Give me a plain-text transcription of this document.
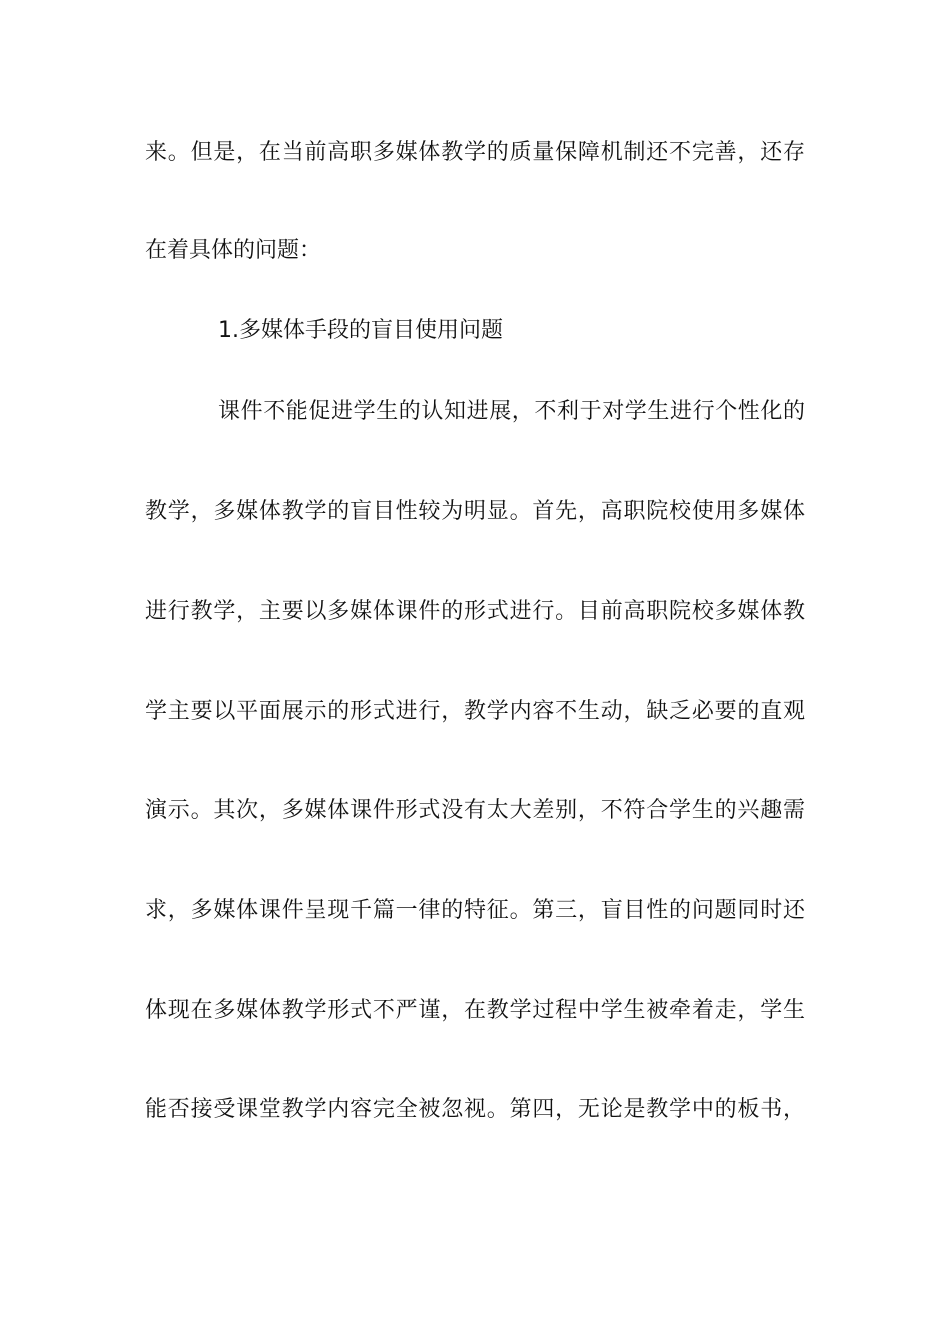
来。但是，在当前高职多媒体教学的质量保障机制还不完善，还存
在着具体的问题：
1.多媒体手段的盲目使用问题
课件不能促进学生的认知进展，不利于对学生进行个性化的
教学，多媒体教学的盲目性较为明显。首先，高职院校使用多媒体
进行教学，主要以多媒体课件的形式进行。目前高职院校多媒体教
学主要以平面展示的形式进行，教学内容不生动，缺乏必要的直观
演示。其次，多媒体课件形式没有太大差别，不符合学生的兴趣需
求，多媒体课件呈现千篇一律的特征。第三，盲目性的问题同时还
体现在多媒体教学形式不严谨，在教学过程中学生被牵着走，学生
能否接受课堂教学内容完全被忽视。第四，无论是教学中的板书，
